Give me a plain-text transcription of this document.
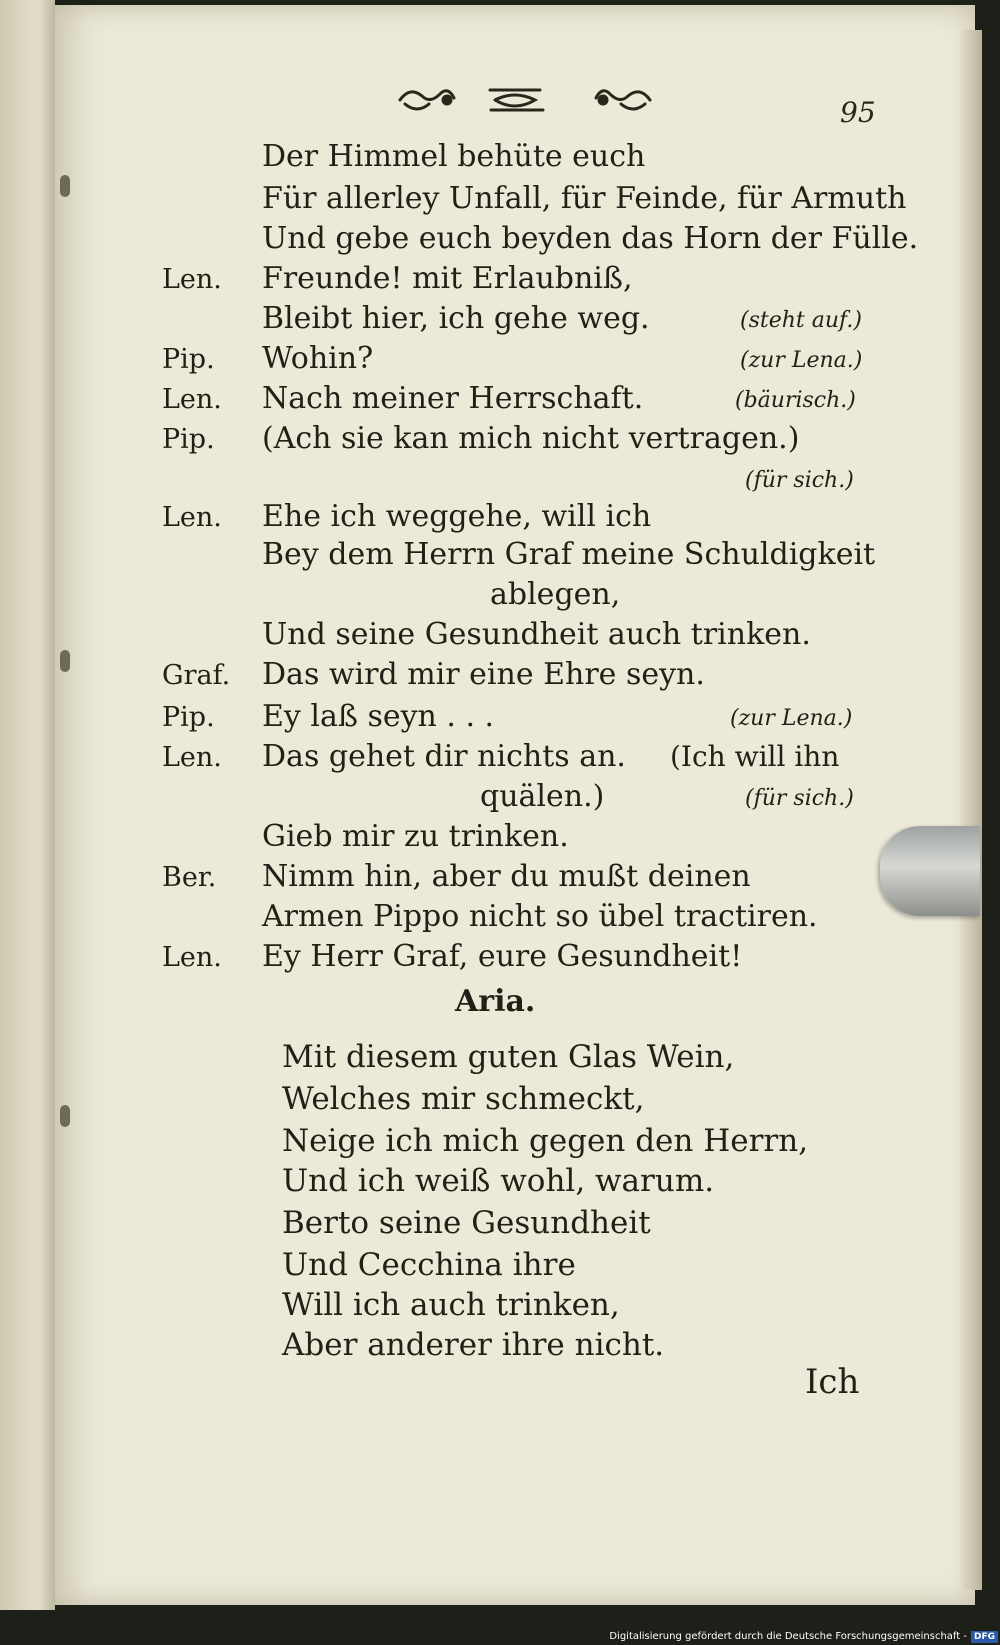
95
Der Himmel behüte euch
Für allerley Unfall, für Feinde, für Armuth
Und gebe euch beyden das Horn der Fülle.
Len. Freunde! mit Erlaubniß,
Bleibt hier, ich gehe weg.	(steht auf.)
Pip. Wohin?	(zur Lena.)
Len. Nach meiner Herrschaft.	(bäurisch.)
Pip. (Ach sie kan mich nicht vertragen.)
(für sich.)
Len. Ehe ich weggehe, will ich
Bey dem Herrn Graf meine Schuldigkeit
ablegen,
Und seine Gesundheit auch trinken.
Graf. Das wird mir eine Ehre seyn.
Pip. Ey laß seyn . . .	(zur Lena.)
Len. Das gehet dir nichts an. (Ich will ihn
quälen.)	(für sich.)
Gieb mir zu trinken.
Ber. Nimm hin, aber du mußt deinen
Armen Pippo nicht so übel tractiren.
Len. Ey Herr Graf, eure Gesundheit!
Aria.
Mit diesem guten Glas Wein,
Welches mir schmeckt,
Neige ich mich gegen den Herrn,
Und ich weiß wohl, warum.
Berto seine Gesundheit
Und Cecchina ihre
Will ich auch trinken,
Aber anderer ihre nicht.
Ich
Digitalisierung gefördert durch die Deutsche Forschungsgemeinschaft - DFG
